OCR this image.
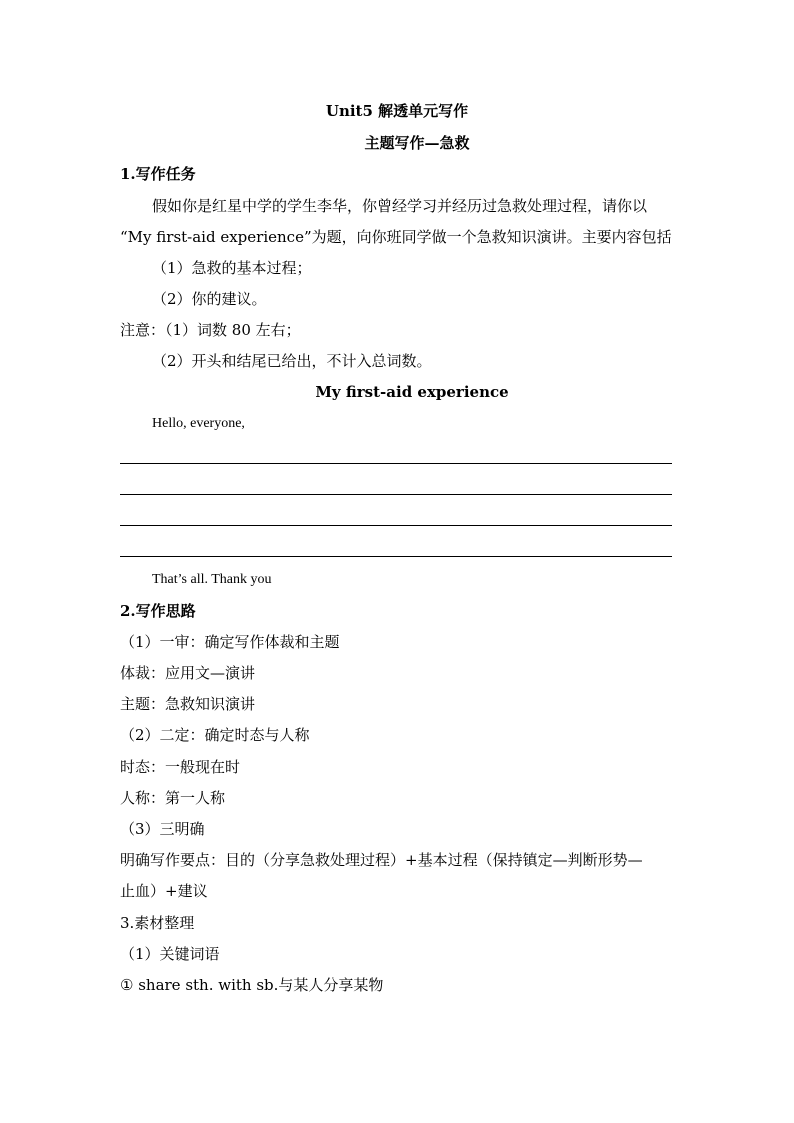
Unit5 解透单元写作
主题写作—急救
1.写作任务
假如你是红星中学的学生李华，你曾经学习并经历过急救处理过程，请你以
“My first-aid experience”为题，向你班同学做一个急救知识演讲。主要内容包括
（1）急救的基本过程；
（2）你的建议。
注意：（1）词数 80 左右；
（2）开头和结尾已给出，不计入总词数。
My first-aid experience
Hello, everyone,
That’s all. Thank you
2.写作思路
（1）一审：确定写作体裁和主题
体裁：应用文—演讲
主题：急救知识演讲
（2）二定：确定时态与人称
时态：一般现在时
人称：第一人称
（3）三明确
明确写作要点：目的（分享急救处理过程）+基本过程（保持镇定—判断形势—
止血）+建议
3.素材整理
（1）关键词语
① share sth. with sb.与某人分享某物
